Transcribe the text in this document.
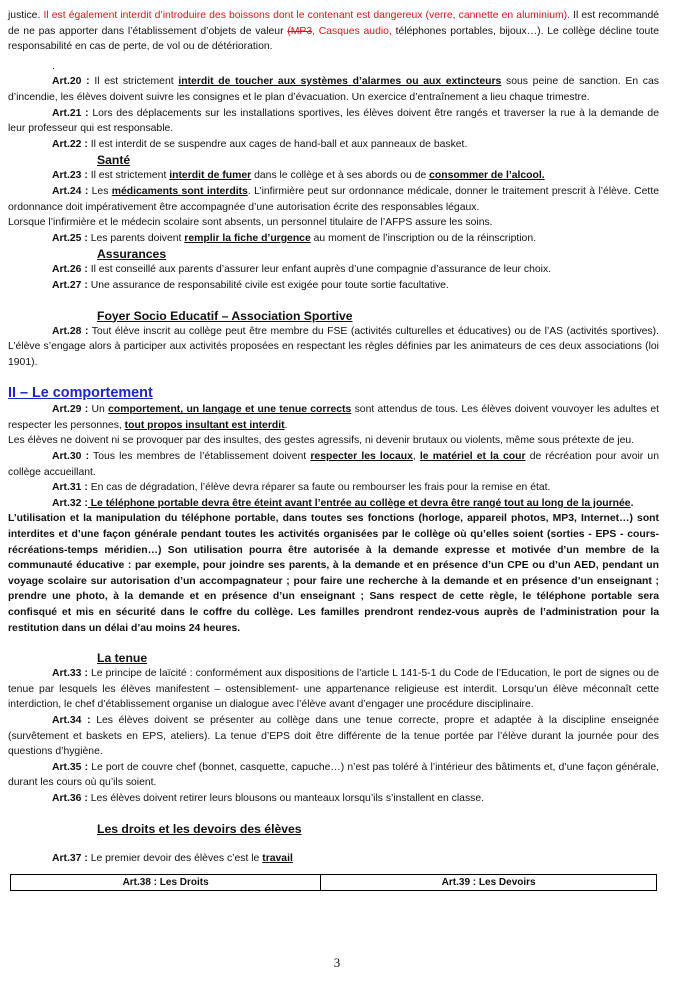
justice. Il est également interdit d’introduire des boissons dont le contenant est dangereux (verre, cannette en aluminium). Il est recommandé de ne pas apporter dans l’établissement d’objets de valeur (MP3, Casques audio, téléphones portables, bijoux…). Le collège décline toute responsabilité en cas de perte, de vol ou de détérioration.

.

Art.20 : Il est strictement interdit de toucher aux systèmes d’alarmes ou aux extincteurs sous peine de sanction. En cas d’incendie, les élèves doivent suivre les consignes et le plan d’évacuation. Un exercice d’entraînement a lieu chaque trimestre.

Art.21 : Lors des déplacements sur les installations sportives, les élèves doivent être rangés et traverser la rue à la demande de leur professeur qui est responsable.

Art.22 : Il est interdit de se suspendre aux cages de hand-ball et aux panneaux de basket.

Santé

Art.23 : Il est strictement interdit de fumer dans le collège et à ses abords ou de consommer de l’alcool.

Art.24 : Les médicaments sont interdits. L’infirmière peut sur ordonnance médicale, donner le traitement prescrit à l’élève. Cette ordonnance doit impérativement être accompagnée d’une autorisation écrite des responsables légaux.

Lorsque l’infirmière et le médecin scolaire sont absents, un personnel titulaire de l’AFPS assure les soins.

Art.25 : Les parents doivent remplir la fiche d’urgence au moment de l’inscription ou de la réinscription.

Assurances

Art.26 : Il est conseillé aux parents d’assurer leur enfant auprès d’une compagnie d’assurance de leur choix.

Art.27 : Une assurance de responsabilité civile est exigée pour toute sortie facultative.

Foyer Socio Educatif – Association Sportive

Art.28 : Tout élève inscrit au collège peut être membre du FSE (activités culturelles et éducatives) ou de l’AS (activités sportives). L’élève s’engage alors à participer aux activités proposées en respectant les règles définies par les animateurs de ces deux associations (loi 1901).

II – Le comportement

Art.29 : Un comportement, un langage et une tenue corrects sont attendus de tous. Les élèves doivent vouvoyer les adultes et respecter les personnes, tout propos insultant est interdit.

Les élèves ne doivent ni se provoquer par des insultes, des gestes agressifs, ni devenir brutaux ou violents, même sous prétexte de jeu.

Art.30 : Tous les membres de l’établissement doivent respecter les locaux, le matériel et la cour de récréation pour avoir un collège accueillant.

Art.31 : En cas de dégradation, l’élève devra réparer sa faute ou rembourser les frais pour la remise en état.

Art.32 : Le téléphone portable devra être éteint avant l’entrée au collège et devra être rangé tout au long de la journée.

L’utilisation et la manipulation du téléphone portable, dans toutes ses fonctions (horloge, appareil photos, MP3, Internet…) sont interdites et d’une façon générale pendant toutes les activités organisées par le collège où qu’elles soient (sorties - EPS - cours- récréations-temps méridien…) Son utilisation pourra être autorisée à la demande expresse et motivée d’un membre de la communauté éducative : par exemple, pour joindre ses parents, à la demande et en présence d’un CPE ou d’un AED, pendant un voyage scolaire sur autorisation d’un accompagnateur ; pour faire une recherche à la demande et en présence d’un enseignant ; prendre une photo, à la demande et en présence d’un enseignant ; Sans respect de cette règle, le téléphone portable sera confisqué et mis en sécurité dans le coffre du collège. Les familles prendront rendez-vous auprès de l’administration pour la restitution dans un délai d’au moins 24 heures.

La tenue

Art.33 : Le principe de laïcité : conformément aux dispositions de l’article L 141-5-1 du Code de l’Education, le port de signes ou de tenue par lesquels les élèves manifestent – ostensiblement- une appartenance religieuse est interdit. Lorsqu’un élève méconnaît cette interdiction, le chef d’établissement organise un dialogue avec l’élève avant d’engager une procédure disciplinaire.

Art.34 : Les élèves doivent se présenter au collège dans une tenue correcte, propre et adaptée à la discipline enseignée (survêtement et baskets en EPS, ateliers). La tenue d’EPS doit être différente de la tenue portée par l’élève durant la journée pour des questions d’hygiène.

Art.35 : Le port de couvre chef (bonnet, casquette, capuche…) n’est pas toléré à l’intérieur des bâtiments et, d’une façon générale, durant les cours où qu’ils soient.

Art.36 : Les élèves doivent retirer leurs blousons ou manteaux lorsqu’ils s’installent en classe.

Les droits et les devoirs des élèves

Art.37 : Le premier devoir des élèves c’est le travail

Art.38 : Les Droits	Art.39 : Les Devoirs
3
